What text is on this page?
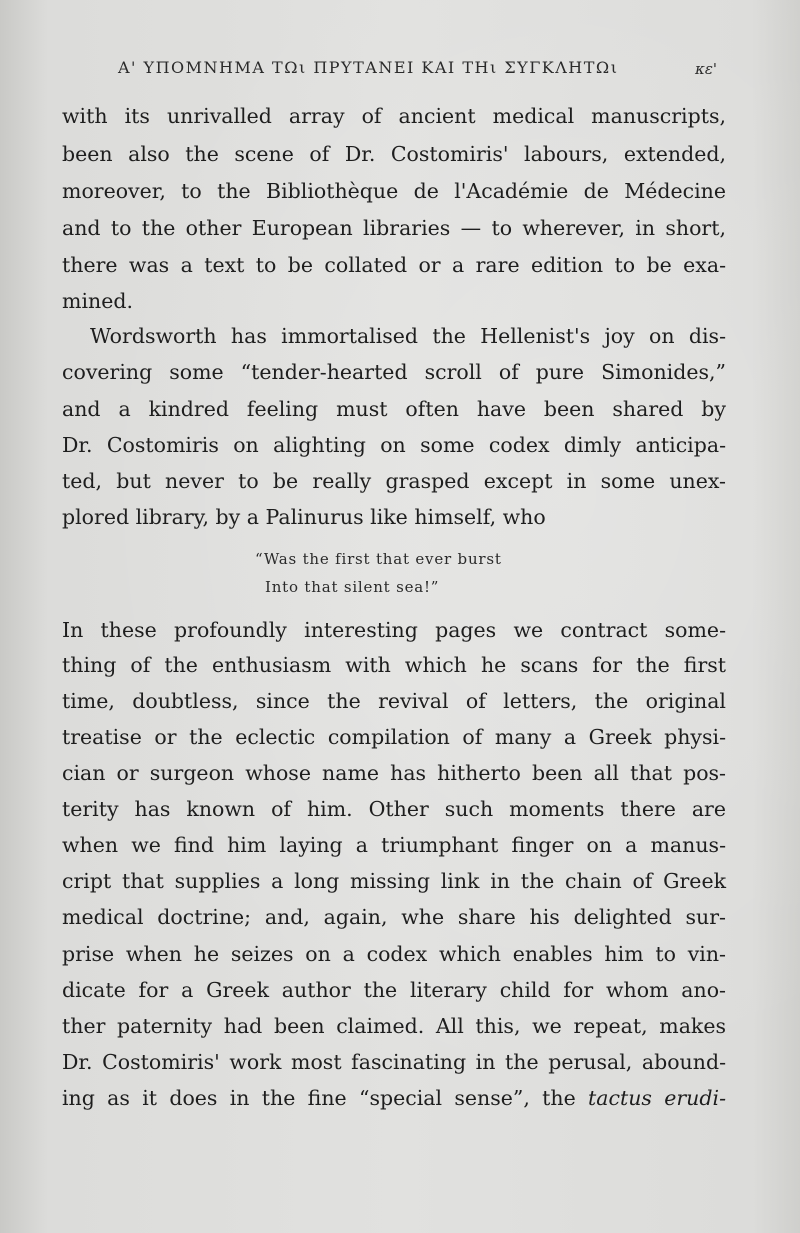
Α' ΥΠΟΜΝΗΜΑ ΤΩι ΠΡΥΤΑΝΕΙ ΚΑΙ ΤΗι ΣΥΓΚΛΗΤΩι	κε'
with its unrivalled array of ancient medical manuscripts,
been also the scene of Dr. Costomiris' labours, extended,
moreover, to the Bibliothèque de l'Académie de Médecine
and to the other European libraries — to wherever, in short,
there was a text to be collated or a rare edition to be exa-
mined.
Wordsworth has immortalised the Hellenist's joy on dis-
covering some “tender-hearted scroll of pure Simonides,”
and a kindred feeling must often have been shared by
Dr. Costomiris on alighting on some codex dimly anticipa-
ted, but never to be really grasped except in some unex-
plored library, by a Palinurus like himself, who
“Was the first that ever burst
Into that silent sea!”
In these profoundly interesting pages we contract some-
thing of the enthusiasm with which he scans for the first
time, doubtless, since the revival of letters, the original
treatise or the eclectic compilation of many a Greek physi-
cian or surgeon whose name has hitherto been all that pos-
terity has known of him. Other such moments there are
when we find him laying a triumphant finger on a manus-
cript that supplies a long missing link in the chain of Greek
medical doctrine; and, again, whe share his delighted sur-
prise when he seizes on a codex which enables him to vin-
dicate for a Greek author the literary child for whom ano-
ther paternity had been claimed. All this, we repeat, makes
Dr. Costomiris' work most fascinating in the perusal, abound-
ing as it does in the fine “special sense”, the tactus erudi-
